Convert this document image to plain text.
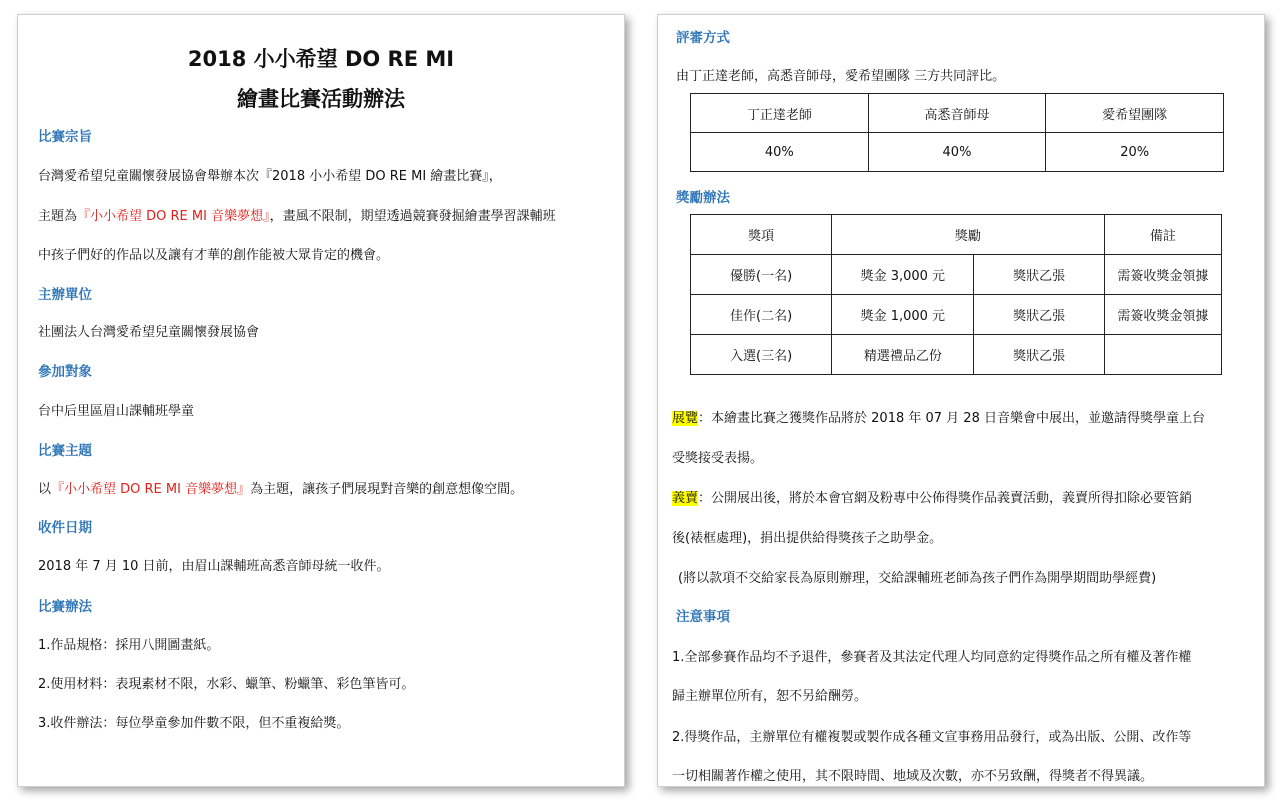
2018 小小希望 DO RE MI
繪畫比賽活動辦法
比賽宗旨
台灣愛希望兒童關懷發展協會舉辦本次『2018 小小希望 DO RE MI 繪畫比賽』，
主題為『小小希望 DO RE MI 音樂夢想』，畫風不限制，期望透過競賽發掘繪畫學習課輔班
中孩子們好的作品以及讓有才華的創作能被大眾肯定的機會。
主辦單位
社團法人台灣愛希望兒童關懷發展協會
參加對象
台中后里區眉山課輔班學童
比賽主題
以『小小希望 DO RE MI 音樂夢想』為主題，讓孩子們展現對音樂的創意想像空間。
收件日期
2018 年 7 月 10 日前，由眉山課輔班高悉音師母統一收件。
比賽辦法
1.作品規格：採用八開圖畫紙。
2.使用材料：表現素材不限，水彩、蠟筆、粉蠟筆、彩色筆皆可。
3.收件辦法：每位學童參加件數不限，但不重複給獎。
評審方式
由丁正達老師，高悉音師母，愛希望團隊 三方共同評比。
丁正達老師	高悉音師母	愛希望團隊
40%	40%	20%
獎勵辦法
獎項	獎勵		備註
優勝(一名)	獎金 3,000 元	獎狀乙張	需簽收獎金領據
佳作(二名)	獎金 1,000 元	獎狀乙張	需簽收獎金領據
入選(三名)	精選禮品乙份	獎狀乙張	
展覽：本繪畫比賽之獲獎作品將於 2018 年 07 月 28 日音樂會中展出，並邀請得獎學童上台
受獎接受表揚。
義賣：公開展出後，將於本會官網及粉專中公佈得獎作品義賣活動，義賣所得扣除必要管銷
後(裱框處理)，捐出提供給得獎孩子之助學金。
(將以款項不交給家長為原則辦理，交給課輔班老師為孩子們作為開學期間助學經費)
注意事項
1.全部參賽作品均不予退件，參賽者及其法定代理人均同意約定得獎作品之所有權及著作權
歸主辦單位所有，恕不另給酬勞。
2.得獎作品，主辦單位有權複製或製作成各種文宣事務用品發行，或為出版、公開、改作等
一切相關著作權之使用，其不限時間、地域及次數，亦不另致酬，得獎者不得異議。
